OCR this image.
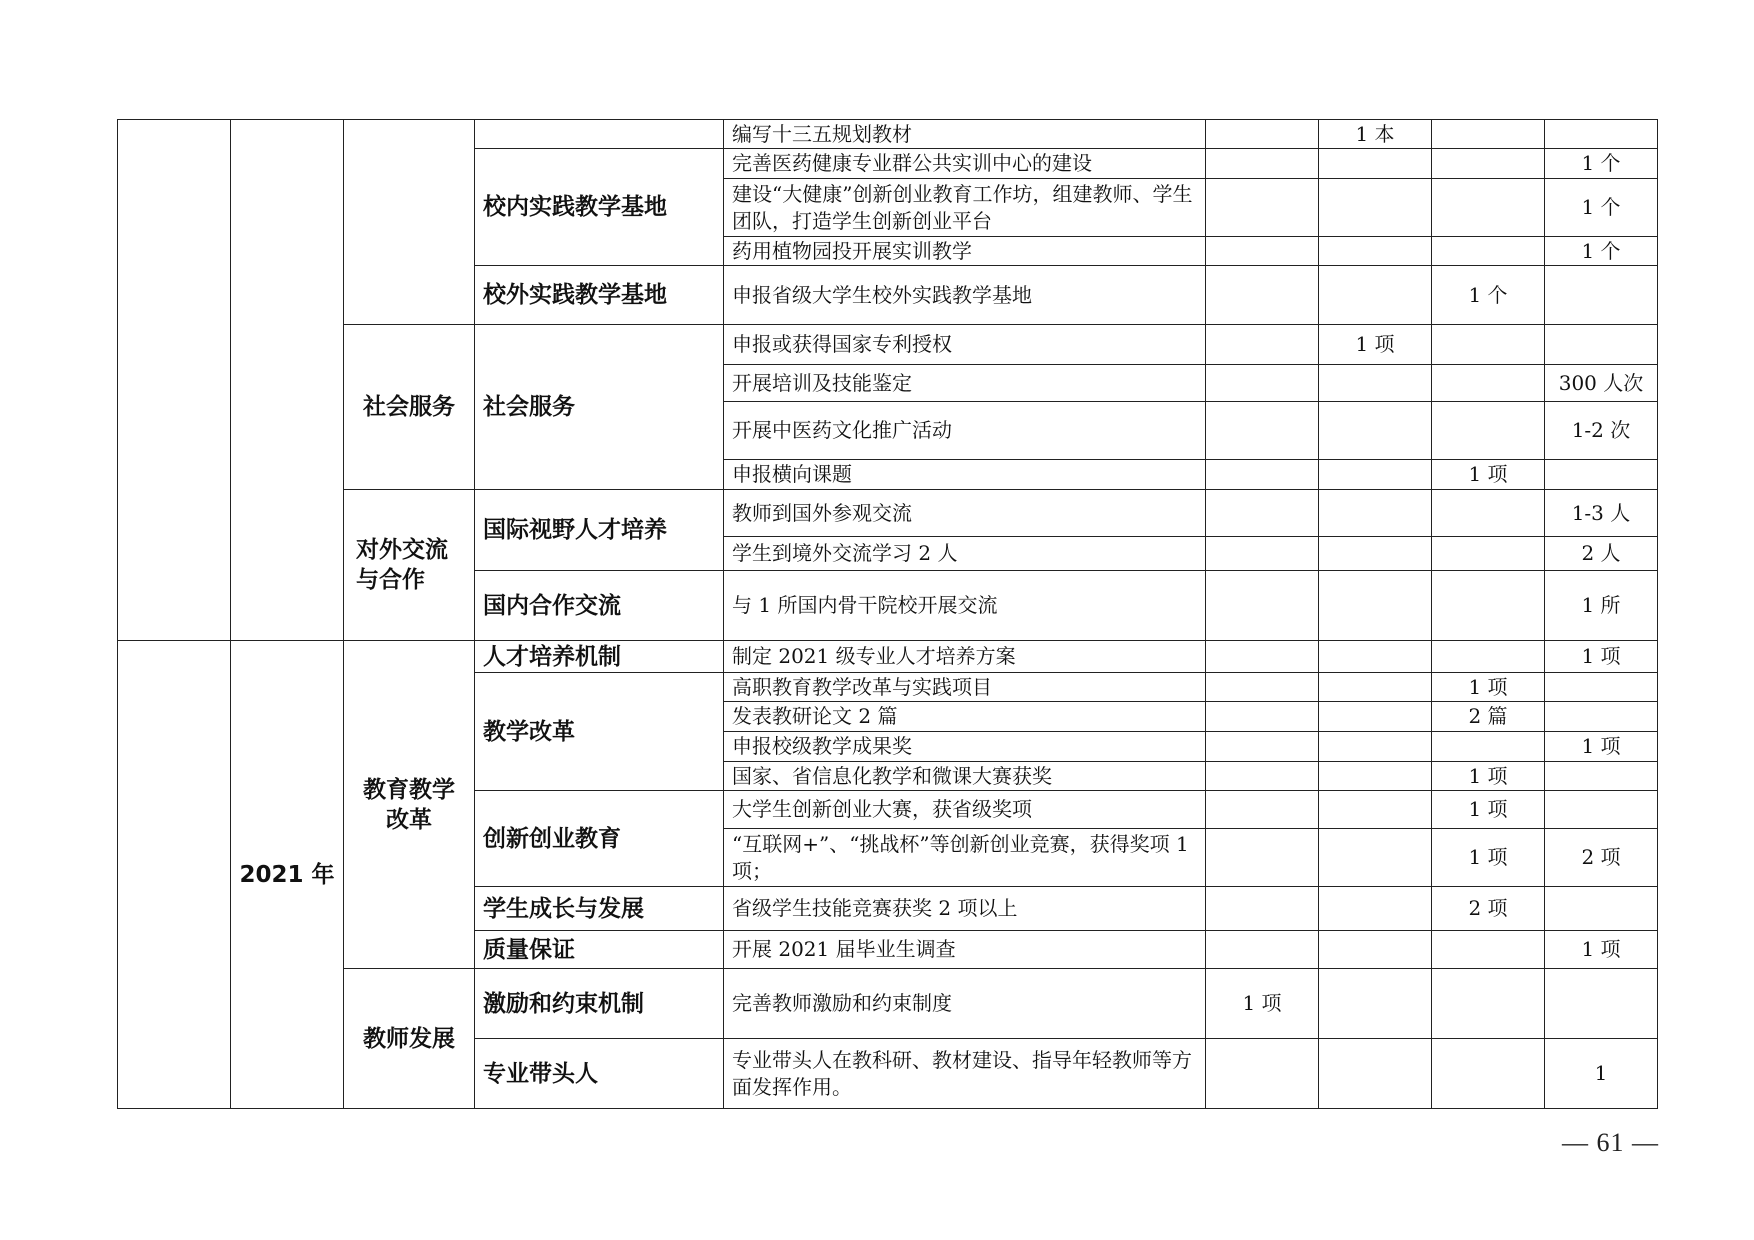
				编写十三五规划教材		1 本		
			校内实践教学基地	完善医药健康专业群公共实训中心的建设				1 个
				建设“大健康”创新创业教育工作坊，组建教师、学生团队，打造学生创新创业平台				1 个
				药用植物园投开展实训教学				1 个
			校外实践教学基地	申报省级大学生校外实践教学基地			1 个	
		社会服务	社会服务	申报或获得国家专利授权		1 项		
				开展培训及技能鉴定				300 人次
				开展中医药文化推广活动				1-2 次
				申报横向课题			1 项	
		对外交流与合作	国际视野人才培养	教师到国外参观交流				1-3 人
				学生到境外交流学习 2 人				2 人
			国内合作交流	与 1 所国内骨干院校开展交流				1 所
	2021 年	教育教学改革	人才培养机制	制定 2021 级专业人才培养方案				1 项
			教学改革	高职教育教学改革与实践项目			1 项	
				发表教研论文 2 篇			2 篇	
				申报校级教学成果奖				1 项
				国家、省信息化教学和微课大赛获奖			1 项	
			创新创业教育	大学生创新创业大赛，获省级奖项			1 项	
				“互联网+”、“挑战杯”等创新创业竞赛，获得奖项 1 项；			1 项	2 项
			学生成长与发展	省级学生技能竞赛获奖 2 项以上			2 项	
			质量保证	开展 2021 届毕业生调查				1 项
		教师发展	激励和约束机制	完善教师激励和约束制度	1 项			
			专业带头人	专业带头人在教科研、教材建设、指导年轻教师等方面发挥作用。				1
— 61 —
